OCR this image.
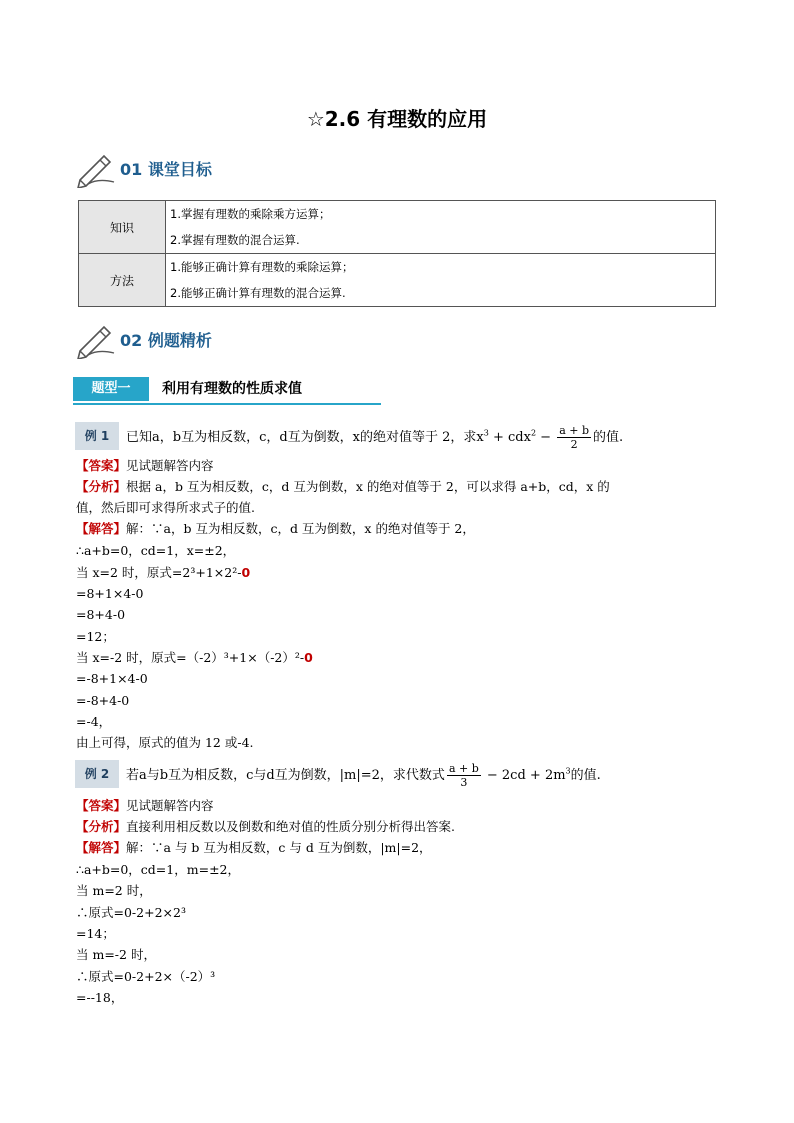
☆2.6 有理数的应用
01 课堂目标
知识	1.掌握有理数的乘除乘方运算；
2.掌握有理数的混合运算.

方法	1.能够正确计算有理数的乘除运算；
2.能够正确计算有理数的混合运算.
02 例题精析
题型一	利用有理数的性质求值
例 1	已知a，b互为相反数，c，d互为倒数，x的绝对值等于 2，求$x^3 + cdx^2 - \frac{a + b}{2}$ 的值.
【答案】见试题解答内容
【分析】根据 a，b 互为相反数，c，d 互为倒数，x 的绝对值等于 2，可以求得 a+b，cd，x 的
值，然后即可求得所求式子的值.
【解答】解：∵a，b 互为相反数，c，d 互为倒数，x 的绝对值等于 2，
∴a+b=0，cd=1，x=±2，
当 x=2 时，原式=2³+1×2²-0
=8+1×4-0
=8+4-0
=12；
当 x=-2 时，原式=（-2）³+1×（-2）²-0
=-8+1×4-0
=-8+4-0
=-4，
由上可得，原式的值为 12 或-4.
例 2	若a与b互为相反数，c与d互为倒数，|m|=2，求代数式 $\frac{a + b}{3} - 2cd + 2m^3$的值.
【答案】见试题解答内容
【分析】直接利用相反数以及倒数和绝对值的性质分别分析得出答案.
【解答】解：∵a 与 b 互为相反数，c 与 d 互为倒数，|m|=2，
∴a+b=0，cd=1，m=±2，
当 m=2 时，
∴原式=0-2+2×2³
=14；
当 m=-2 时，
∴原式=0-2+2×（-2）³
=--18，
